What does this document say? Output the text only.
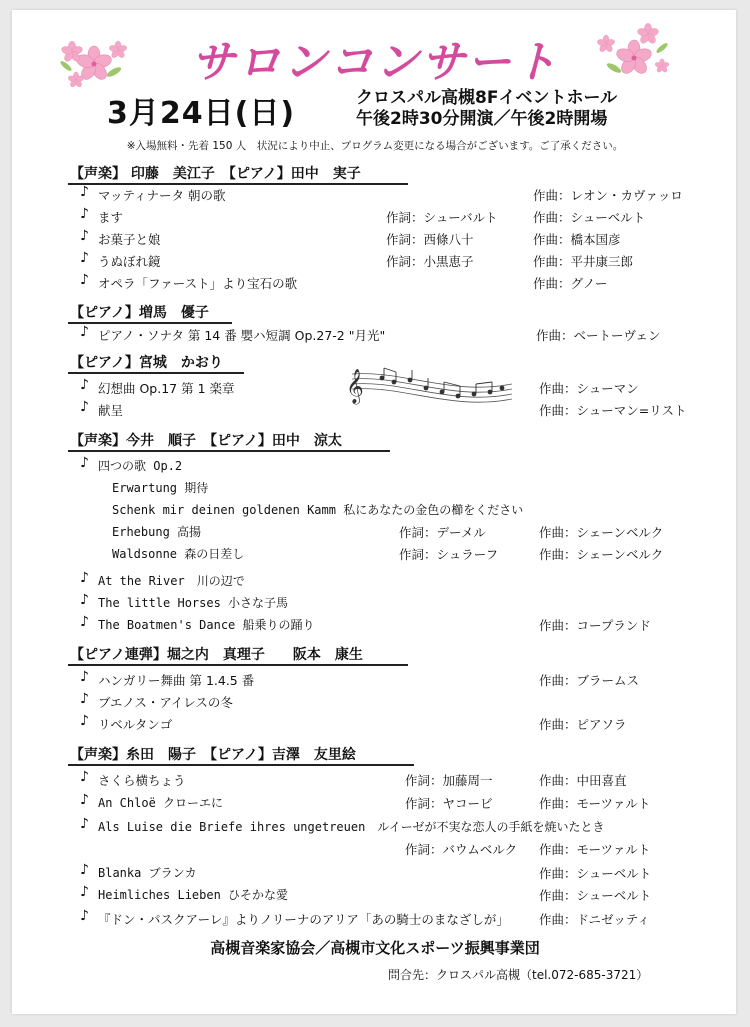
サロンコンサート
3月24日(日)	クロスパル高槻8Fイベントホール
午後2時30分開演／午後2時開場
※入場無料・先着 150 人　状況により中止、プログラム変更になる場合がございます。ご了承ください。
【声楽】 印藤　美江子　【ピアノ】田中　実子
♪ マッティナータ 朝の歌	作曲：レオン・カヴァッロ
♪ ます	作詞：シューバルト	作曲：シューベルト
♪ お菓子と娘	作詞：西條八十	作曲：橋本国彦
♪ うぬぼれ鏡	作詞：小黒恵子	作曲：平井康三郎
♪ オペラ「ファースト」より宝石の歌	作曲：グノー
【ピアノ】増馬　優子
♪ ピアノ・ソナタ 第 14 番 嬰ハ短調 Op.27-2 "月光"	作曲：ベートーヴェン
【ピアノ】宮城　かおり
♪ 幻想曲 Op.17 第 1 楽章	作曲：シューマン
♪ 献呈	作曲：シューマン=リスト
【声楽】今井　順子　【ピアノ】田中　涼太
♪ 四つの歌 Op.2
Erwartung 期待
Schenk mir deinen goldenen Kamm 私にあなたの金色の櫛をください
Erhebung 高揚	作詞：デーメル	作曲：シェーンベルク
Waldsonne 森の日差し	作詞：シュラーフ	作曲：シェーンベルク
♪ At the River　川の辺で
♪ The little Horses 小さな子馬
♪ The Boatmen's Dance 船乗りの踊り	作曲：コープランド
【ピアノ連弾】堀之内　真理子　　阪本　康生
♪ ハンガリー舞曲 第 1.4.5 番	作曲：ブラームス
♪ ブエノス・アイレスの冬
♪ リベルタンゴ	作曲：ピアソラ
【声楽】糸田　陽子　【ピアノ】吉澤　友里絵
♪ さくら横ちょう	作詞：加藤周一	作曲：中田喜直
♪ An Chloë クローエに	作詞：ヤコービ	作曲：モーツァルト
♪ Als Luise die Briefe ihres ungetreuen　ルイーゼが不実な恋人の手紙を焼いたとき
作詞：バウムベルク 作曲：モーツァルト
♪ Blanka ブランカ	作曲：シューベルト
♪ Heimliches Lieben ひそかな愛	作曲：シューベルト
♪ 『ドン・パスクアーレ』よりノリーナのアリア「あの騎士のまなざしが」 作曲：ドニゼッティ
𝄞
高槻音楽家協会／高槻市文化スポーツ振興事業団
問合先：クロスパル高槻（tel.072-685-3721）
